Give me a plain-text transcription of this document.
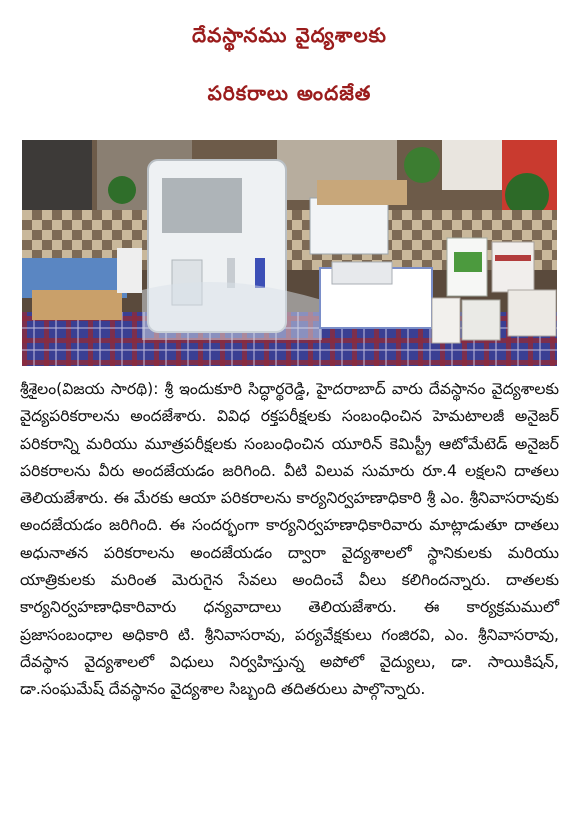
దేవస్థానము వైద్యశాలకు
పరికరాలు అందజేత

శ్రీశైలం(విజయ సారథి): శ్రీ ఇందుకూరి సిద్ధార్థరెడ్డి, హైదరాబాద్ వారు దేవస్థానం వైద్యశాలకు వైద్యపరికరాలను అందజేశారు. వివిధ రక్తపరీక్షలకు సంబంధించిన హెమటాలజీ అనైజర్ పరికరాన్ని మరియు మూత్రపరీక్షలకు సంబంధించిన యూరిన్ కెమిస్ట్రీ ఆటోమేటెడ్ అనైజర్ పరికరాలను వీరు అందజేయడం జరిగింది. వీటి విలువ సుమారు రూ.4 లక్షలని దాతలు తెలియజేశారు. ఈ మేరకు ఆయా పరికరాలను కార్యనిర్వహణాధికారి శ్రీ ఎం. శ్రీనివాసరావుకు అందజేయడం జరిగింది. ఈ సందర్భంగా కార్యనిర్వహణాధికారివారు మాట్లాడుతూ దాతలు అధునాతన పరికరాలను అందజేయడం ద్వారా వైద్యశాలలో స్థానికులకు మరియు యాత్రికులకు మరింత మెరుగైన సేవలు అందించే వీలు కలిగిందన్నారు. దాతలకు కార్యనిర్వహణాధికారివారు ధన్యవాదాలు తెలియజేశారు. ఈ కార్యక్రమములో ప్రజాసంబంధాల అధికారి టి. శ్రీనివాసరావు, పర్యవేక్షకులు గంజిరవి, ఎం. శ్రీనివాసరావు, దేవస్థాన వైద్యశాలలో విధులు నిర్వహిస్తున్న అపోలో వైద్యులు, డా. సాయికిషన్, డా.సంఘమేష్ దేవస్థానం వైద్యశాల సిబ్బంది తదితరులు పాల్గొన్నారు.
